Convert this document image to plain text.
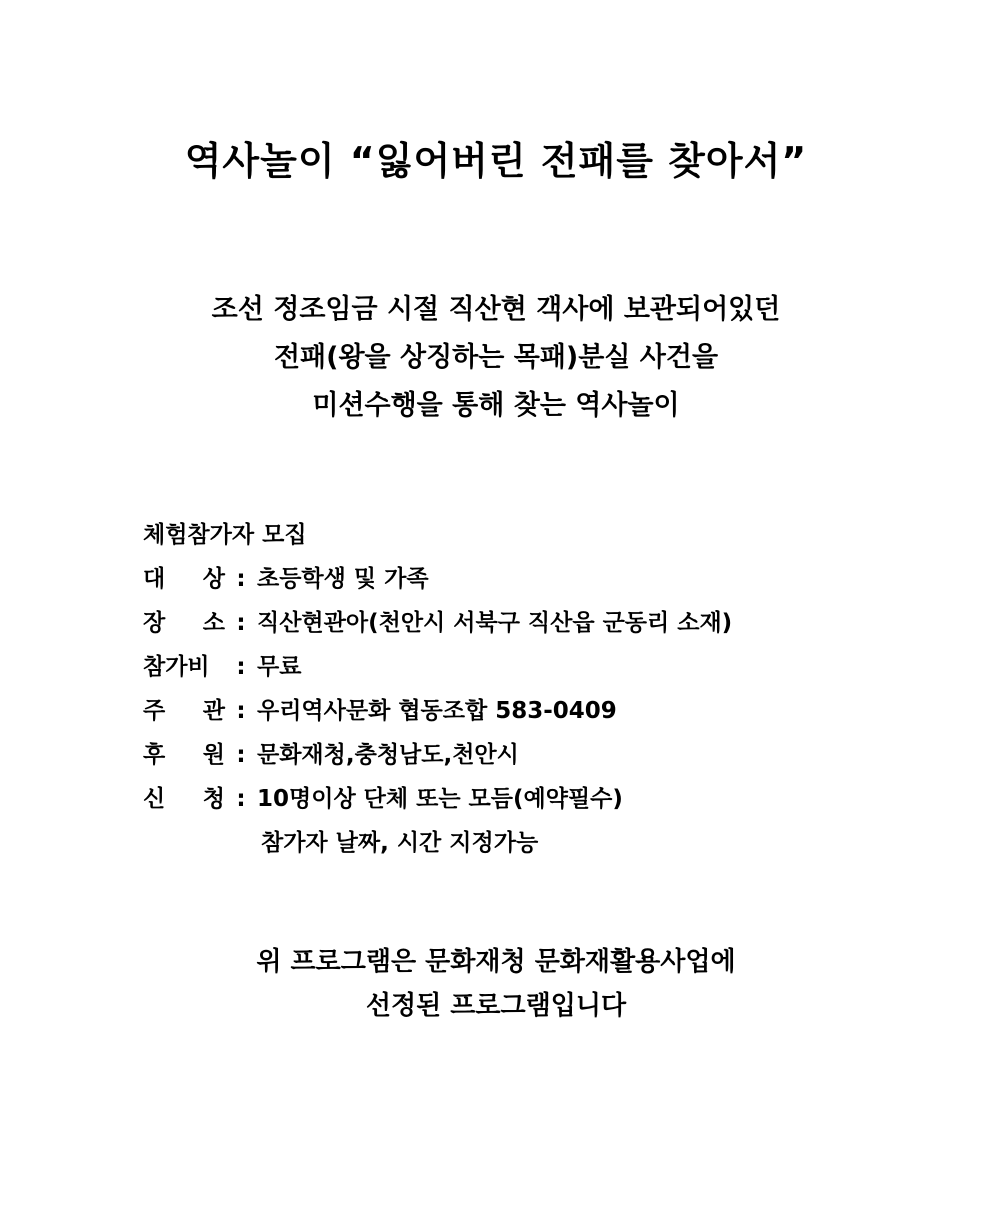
역사놀이 “잃어버린 전패를 찾아서”
조선 정조임금 시절 직산현 객사에 보관되어있던
전패(왕을 상징하는 목패)분실 사건을
미션수행을 통해 찾는 역사놀이
체험참가자 모집
대 상 : 초등학생 및 가족
장 소 : 직산현관아(천안시 서북구 직산읍 군동리 소재)
참가비	: 무료
주 관 : 우리역사문화 협동조합 583-0409
후 원 : 문화재청,충청남도,천안시
신 청 : 10명이상 단체 또는 모듬(예약필수)
참가자 날짜, 시간 지정가능
위 프로그램은 문화재청 문화재활용사업에
선정된 프로그램입니다
